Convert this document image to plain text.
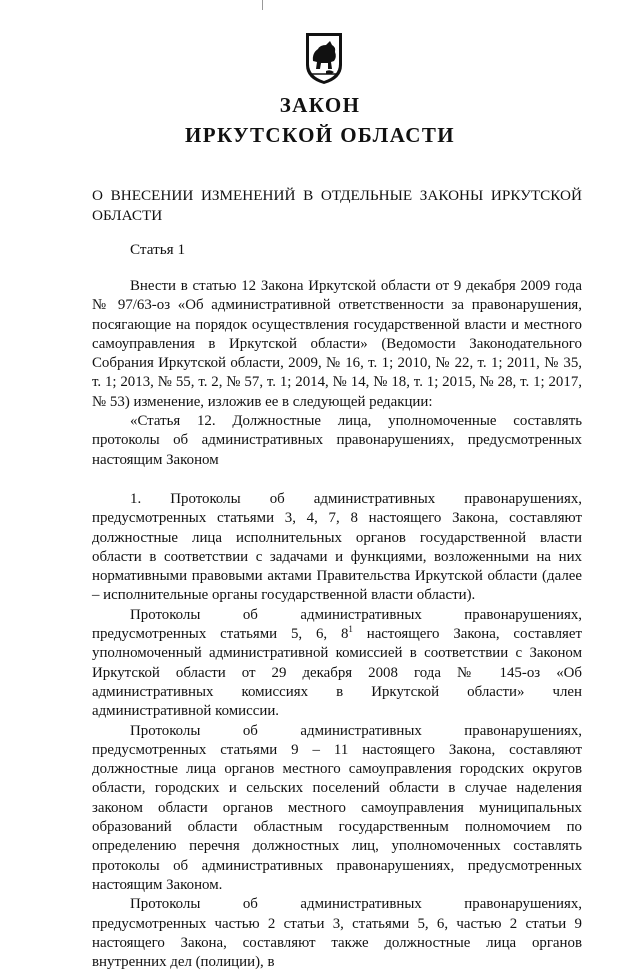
ЗАКОН
ИРКУТСКОЙ ОБЛАСТИ

О ВНЕСЕНИИ ИЗМЕНЕНИЙ В ОТДЕЛЬНЫЕ ЗАКОНЫ ИРКУТСКОЙ ОБЛАСТИ

Статья 1

Внести в статью 12 Закона Иркутской области от 9 декабря 2009 года № 97/63-оз «Об административной ответственности за правонарушения, посягающие на порядок осуществления государственной власти и местного самоуправления в Иркутской области» (Ведомости Законодательного Собрания Иркутской области, 2009, № 16, т. 1; 2010, № 22, т. 1; 2011, № 35, т. 1; 2013, № 55, т. 2, № 57, т. 1; 2014, № 14, № 18, т. 1; 2015, № 28, т. 1; 2017, № 53) изменение, изложив ее в следующей редакции:

«Статья 12. Должностные лица, уполномоченные составлять протоколы об административных правонарушениях, предусмотренных настоящим Законом

1. Протоколы об административных правонарушениях, предусмотренных статьями 3, 4, 7, 8 настоящего Закона, составляют должностные лица исполнительных органов государственной власти области в соответствии с задачами и функциями, возложенными на них нормативными правовыми актами Правительства Иркутской области (далее – исполнительные органы государственной власти области).

Протоколы об административных правонарушениях, предусмотренных статьями 5, 6, $8^1$ настоящего Закона, составляет уполномоченный административной комиссией в соответствии с Законом Иркутской области от 29 декабря 2008 года № 145-оз «Об административных комиссиях в Иркутской области» член административной комиссии.

Протоколы об административных правонарушениях, предусмотренных статьями 9 – 11 настоящего Закона, составляют должностные лица органов местного самоуправления городских округов области, городских и сельских поселений области в случае наделения законом области органов местного самоуправления муниципальных образований области областным государственным полномочием по определению перечня должностных лиц, уполномоченных составлять протоколы об административных правонарушениях, предусмотренных настоящим Законом.

Протоколы об административных правонарушениях, предусмотренных частью 2 статьи 3, статьями 5, 6, частью 2 статьи 9 настоящего Закона, составляют также должностные лица органов внутренних дел (полиции), в
